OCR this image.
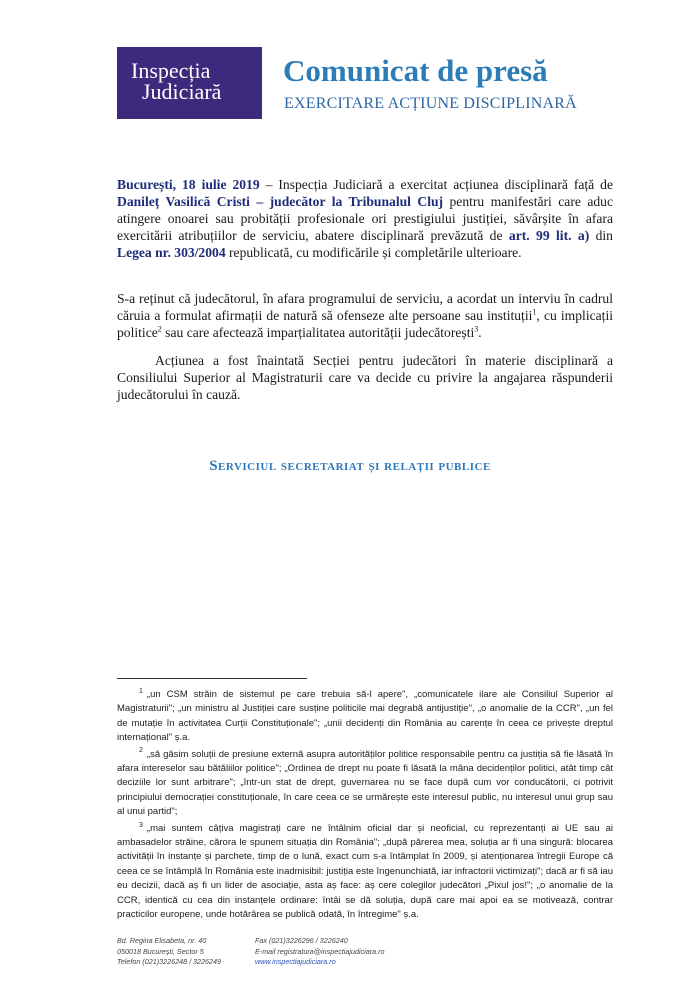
Inspecția
Judiciară
Comunicat de presă
EXERCITARE ACȚIUNE DISCIPLINARĂ

București, 18 iulie 2019 – Inspecția Judiciară a exercitat acțiunea disciplinară față de Danileț Vasilică Cristi – judecător la Tribunalul Cluj pentru manifestări care aduc atingere onoarei sau probității profesionale ori prestigiului justiției, săvârșite în afara exercitării atribuțiilor de serviciu, abatere disciplinară prevăzută de art. 99 lit. a) din Legea nr. 303/2004 republicată, cu modificările și completările ulterioare.

S-a reținut că judecătorul, în afara programului de serviciu, a acordat un interviu în cadrul căruia a formulat afirmații de natură să ofenseze alte persoane sau instituții$^1$, cu implicații politice$^2$ sau care afectează imparțialitatea autorității judecătorești$^3$.

Acțiunea a fost înaintată Secției pentru judecători în materie disciplinară a Consiliului Superior al Magistraturii care va decide cu privire la angajarea răspunderii judecătorului în cauză.

Serviciul secretariat și relații publice

$^1$ „un CSM străin de sistemul pe care trebuia să-l apere", „comunicatele ilare ale Consiliul Superior al Magistraturii"; „un ministru al Justiției care susține politicile mai degrabă antijustiție", „o anomalie de la CCR", „un fel de mutație în activitatea Curții Constituționale"; „unii decidenți din România au carențe în ceea ce privește dreptul internațional" ș.a.

$^2$ „să găsim soluții de presiune externă asupra autorităților politice responsabile pentru ca justiția să fie lăsată în afara intereselor sau bătăliilor politice"; „Ordinea de drept nu poate fi lăsată la mâna decidenților politici, atât timp cât deciziile lor sunt arbitrare"; „într-un stat de drept, guvernarea nu se face după cum vor conducătorii, ci potrivit principiului democrației constituționale, în care ceea ce se urmărește este interesul public, nu interesul unui grup sau al unui partid";

$^3$ „mai suntem câțiva magistrați care ne întâlnim oficial dar și neoficial, cu reprezentanți ai UE sau ai ambasadelor străine, cărora le spunem situația din România"; „după părerea mea, soluția ar fi una singură: blocarea activității în instanțe și parchete, timp de o lună, exact cum s-a întâmplat în 2009, și atenționarea întregii Europe că ceea ce se întâmplă în România este inadmisibil: justiția este îngenunchiată, iar infractorii victimizați"; dacă ar fi să iau eu decizii, dacă aș fi un lider de asociație, asta aș face: aș cere colegilor judecători „Pixul jos!"; „o anomalie de la CCR, identică cu cea din instanțele ordinare: întâi se dă soluția, după care mai apoi ea se motivează, contrar practicilor europene, unde hotărârea se publică odată, în întregime" ș.a.

Bd. Regina Elisabeta, nr. 40
050018 București, Sector 5
Telefon (021)3226248 / 3226249
Fax (021)3226296 / 3226240
E-mail registratura@inspectiajudiciara.ro
www.inspectiajudiciara.ro
